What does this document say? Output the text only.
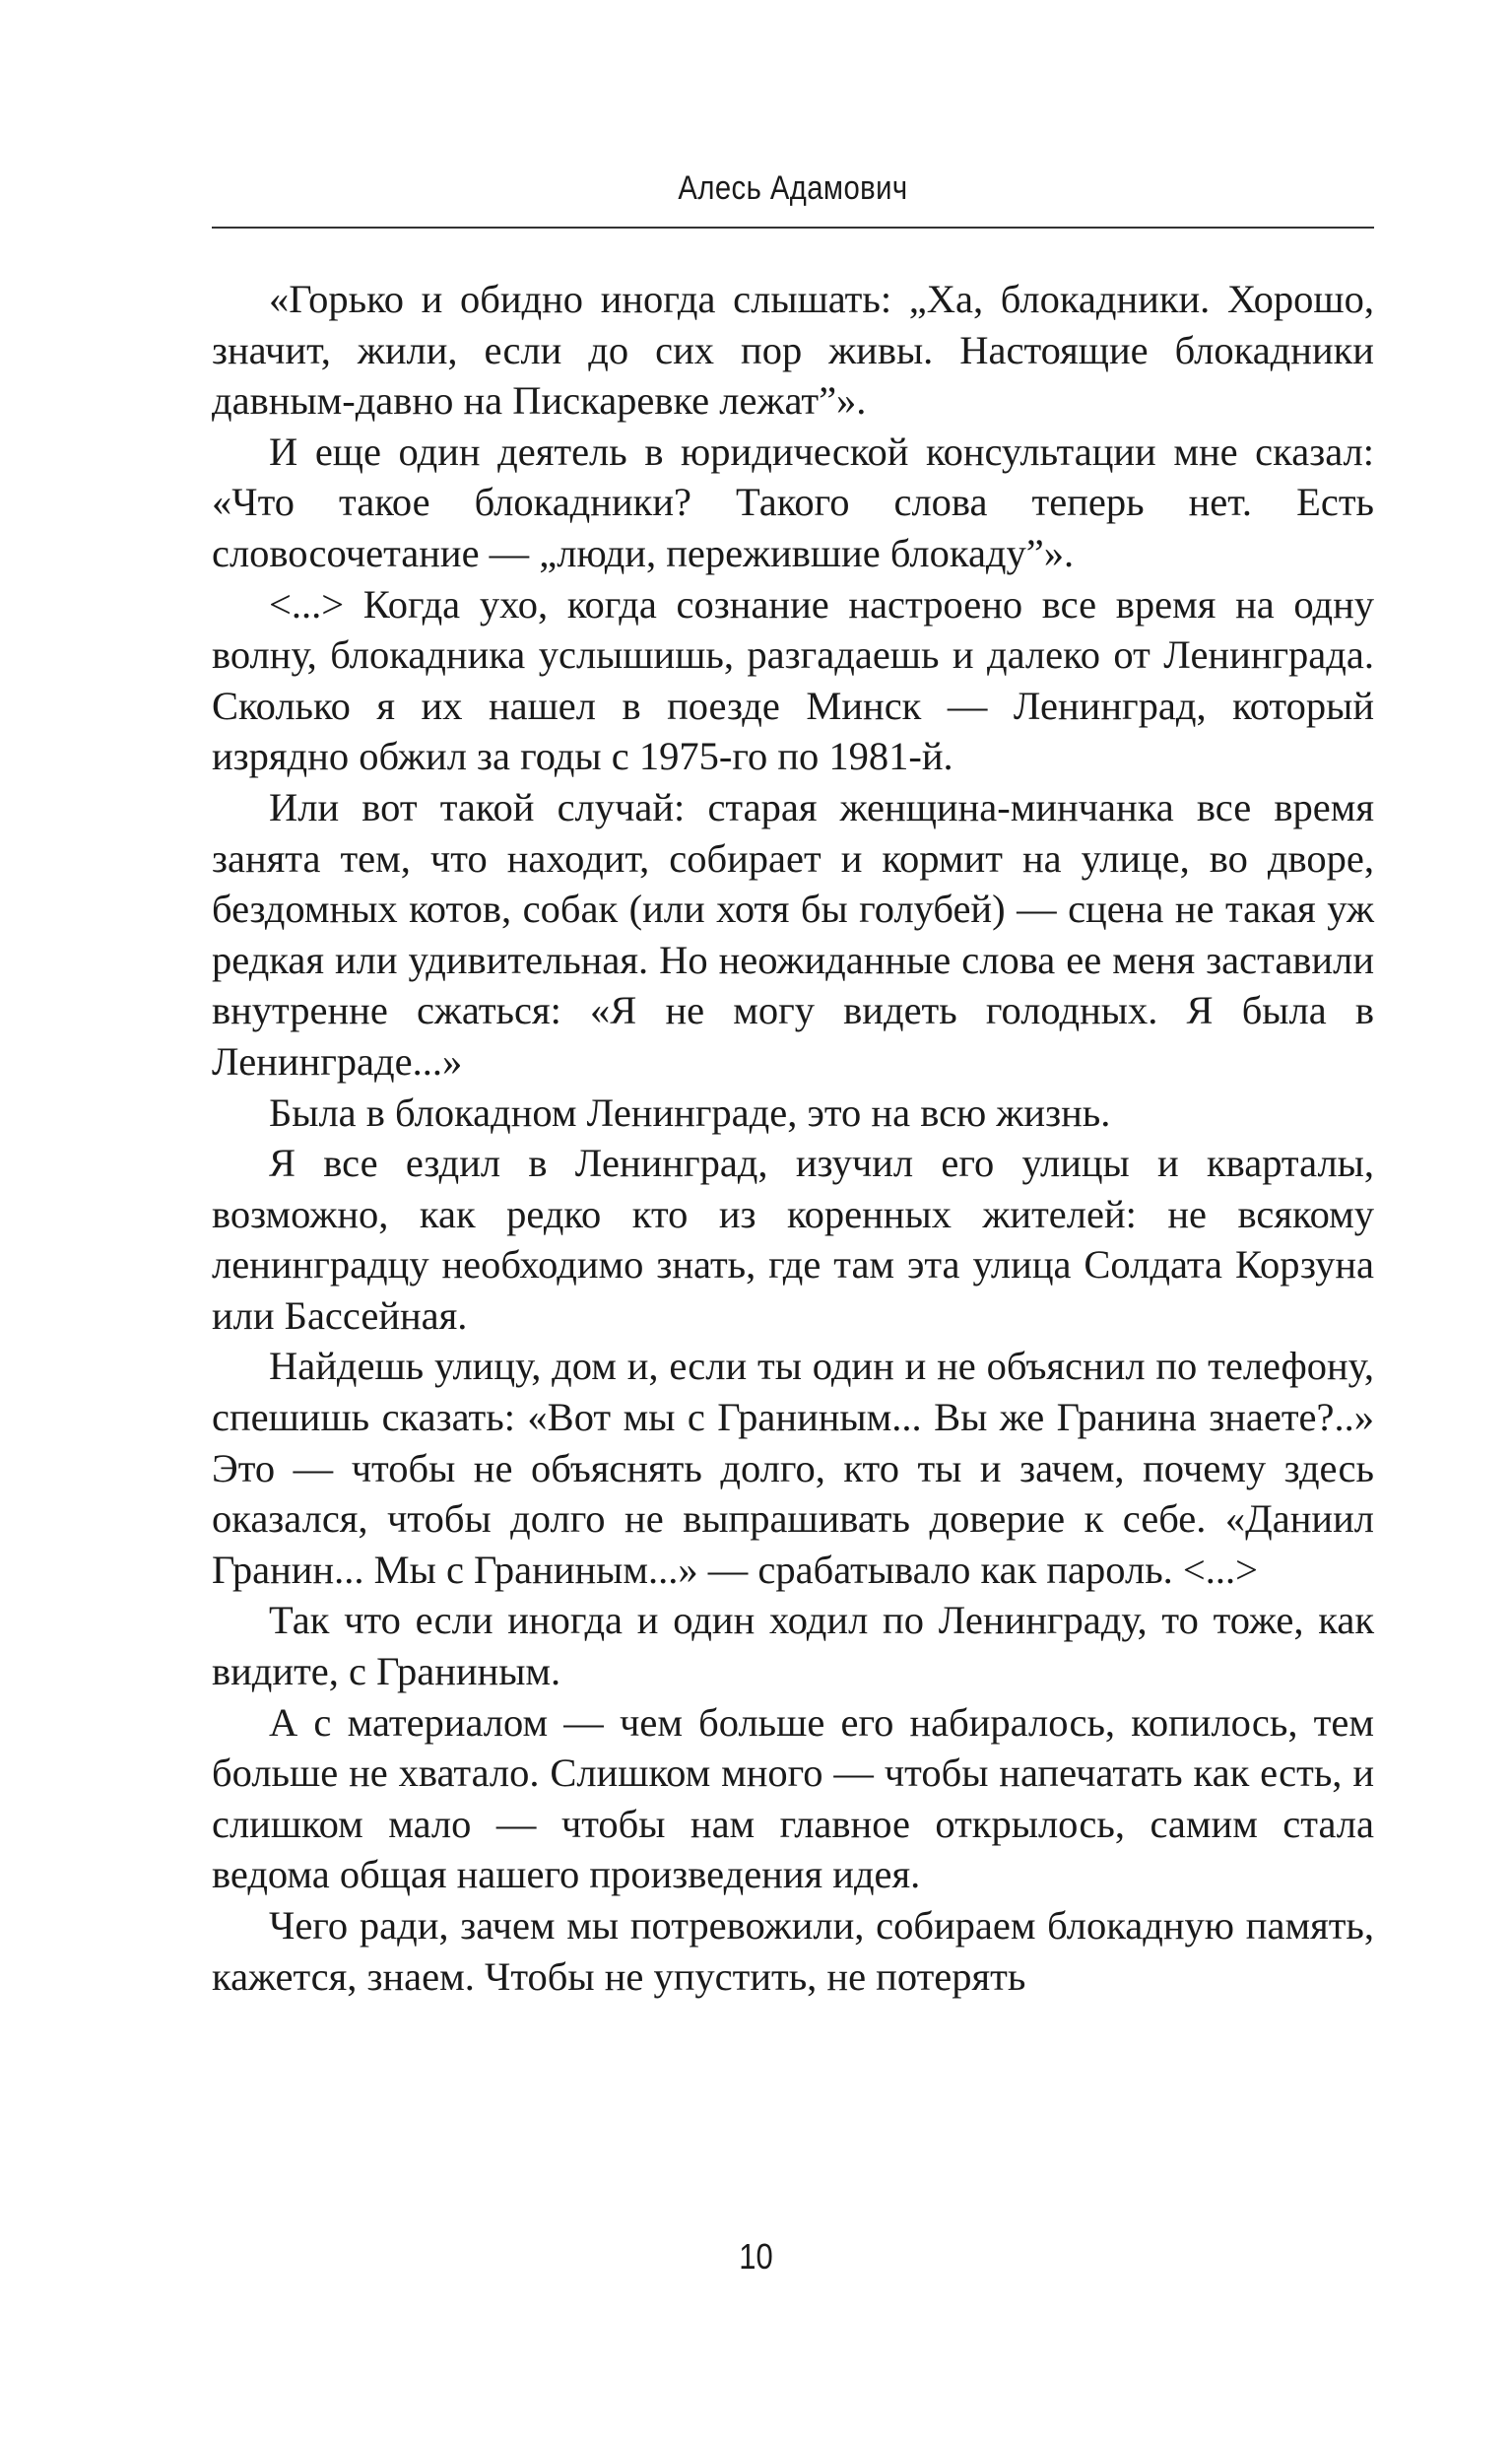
Алесь Адамович

«Горько и обидно иногда слышать: „Ха, блокадники. Хорошо, значит, жили, если до сих пор живы. Настоящие блокадники давным-давно на Пискаревке лежат”».

И еще один деятель в юридической консультации мне сказал: «Что такое блокадники? Такого слова теперь нет. Есть словосочетание — „люди, пережившие блокаду”».

<...> Когда ухо, когда сознание настроено все время на одну волну, блокадника услышишь, разгадаешь и далеко от Ленинграда. Сколько я их нашел в поезде Минск — Ленинград, который изрядно обжил за годы с 1975-го по 1981-й.

Или вот такой случай: старая женщина-минчанка все время занята тем, что находит, собирает и кормит на улице, во дворе, бездомных котов, собак (или хотя бы голубей) — сцена не такая уж редкая или удивительная. Но неожиданные слова ее меня заставили внутренне сжаться: «Я не могу видеть голодных. Я была в Ленинграде...»

Была в блокадном Ленинграде, это на всю жизнь.

Я все ездил в Ленинград, изучил его улицы и кварталы, возможно, как редко кто из коренных жителей: не всякому ленинградцу необходимо знать, где там эта улица Солдата Корзуна или Бассейная.

Найдешь улицу, дом и, если ты один и не объяснил по телефону, спешишь сказать: «Вот мы с Граниным... Вы же Гранина знаете?..» Это — чтобы не объяснять долго, кто ты и зачем, почему здесь оказался, чтобы долго не выпрашивать доверие к себе. «Даниил Гранин... Мы с Граниным...» — срабатывало как пароль. <...>

Так что если иногда и один ходил по Ленинграду, то тоже, как видите, с Граниным.

А с материалом — чем больше его набиралось, копилось, тем больше не хватало. Слишком много — чтобы напечатать как есть, и слишком мало — чтобы нам главное открылось, самим стала ведома общая нашего произведения идея.

Чего ради, зачем мы потревожили, собираем блокадную память, кажется, знаем. Чтобы не упустить, не потерять

10
